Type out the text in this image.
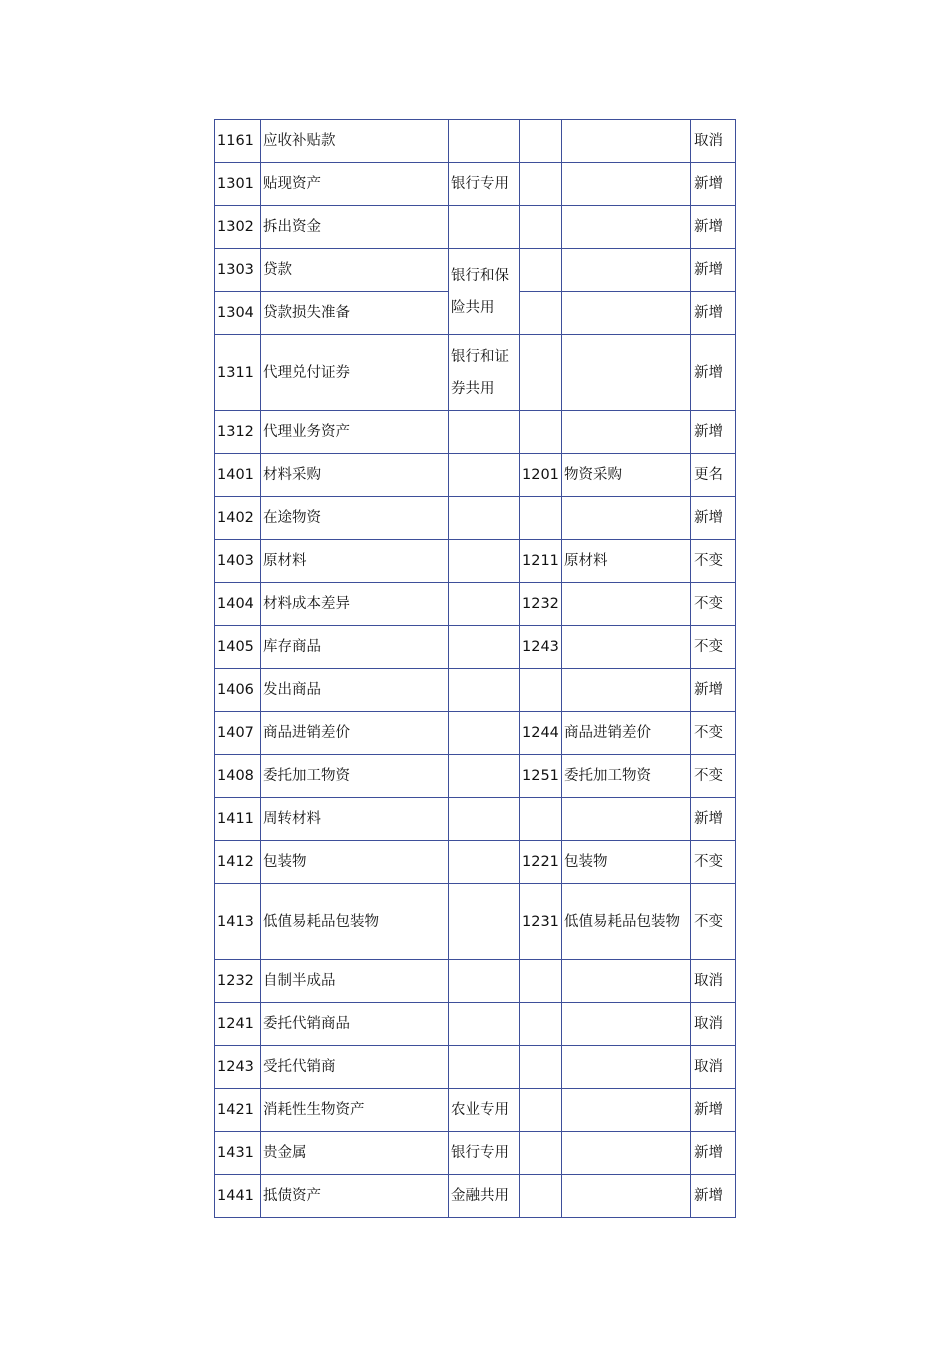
1161	应收补贴款				取消
1301	贴现资产	银行专用			新增
1302	拆出资金				新增
1303	贷款	银行和保险共用			新增
1304	贷款损失准备				新增
1311	代理兑付证券	银行和证券共用			新增
1312	代理业务资产				新增
1401	材料采购		1201	物资采购	更名
1402	在途物资				新增
1403	原材料		1211	原材料	不变
1404	材料成本差异		1232		不变
1405	库存商品		1243		不变
1406	发出商品				新增
1407	商品进销差价		1244	商品进销差价	不变
1408	委托加工物资		1251	委托加工物资	不变
1411	周转材料				新增
1412	包装物		1221	包装物	不变
1413	低值易耗品包装物		1231	低值易耗品包装物	不变
1232	自制半成品				取消
1241	委托代销商品				取消
1243	受托代销商				取消
1421	消耗性生物资产	农业专用			新增
1431	贵金属	银行专用			新增
1441	抵债资产	金融共用			新增
